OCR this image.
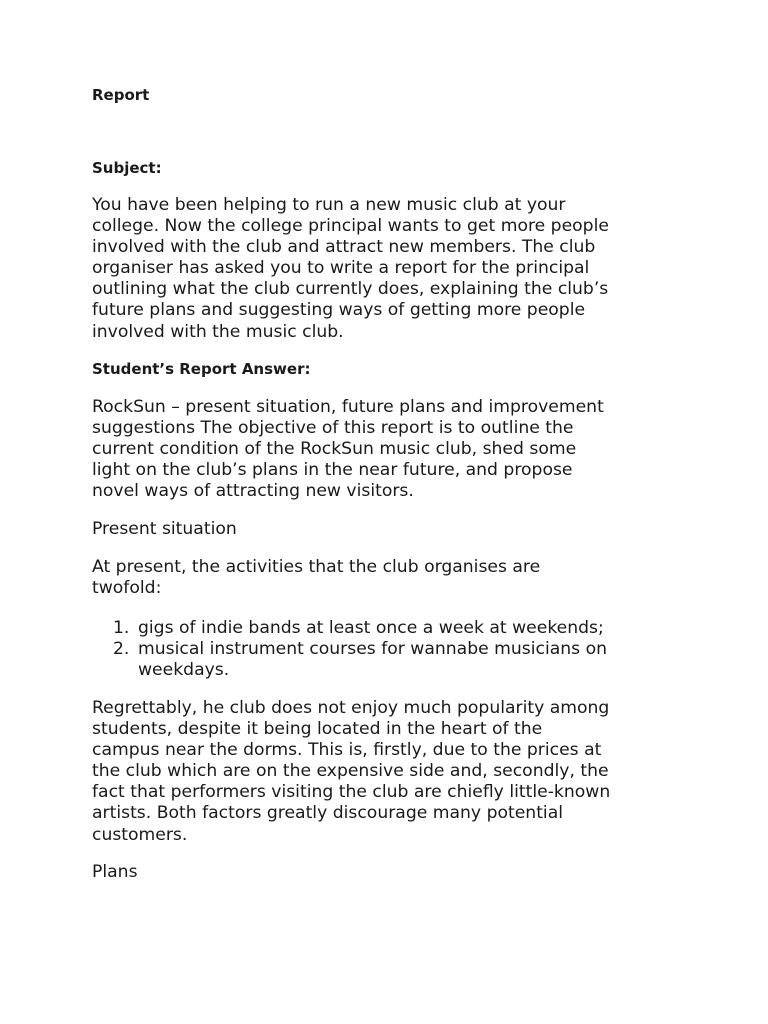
Report
Subject:
You have been helping to run a new music club at your
college. Now the college principal wants to get more people
involved with the club and attract new members. The club
organiser has asked you to write a report for the principal
outlining what the club currently does, explaining the club’s
future plans and suggesting ways of getting more people
involved with the music club.
Student’s Report Answer:
RockSun – present situation, future plans and improvement
suggestions The objective of this report is to outline the
current condition of the RockSun music club, shed some
light on the club’s plans in the near future, and propose
novel ways of attracting new visitors.
Present situation
At present, the activities that the club organises are
twofold:
1. gigs of indie bands at least once a week at weekends;
2. musical instrument courses for wannabe musicians on
weekdays.
Regrettably, he club does not enjoy much popularity among
students, despite it being located in the heart of the
campus near the dorms. This is, firstly, due to the prices at
the club which are on the expensive side and, secondly, the
fact that performers visiting the club are chiefly little-known
artists. Both factors greatly discourage many potential
customers.
Plans
